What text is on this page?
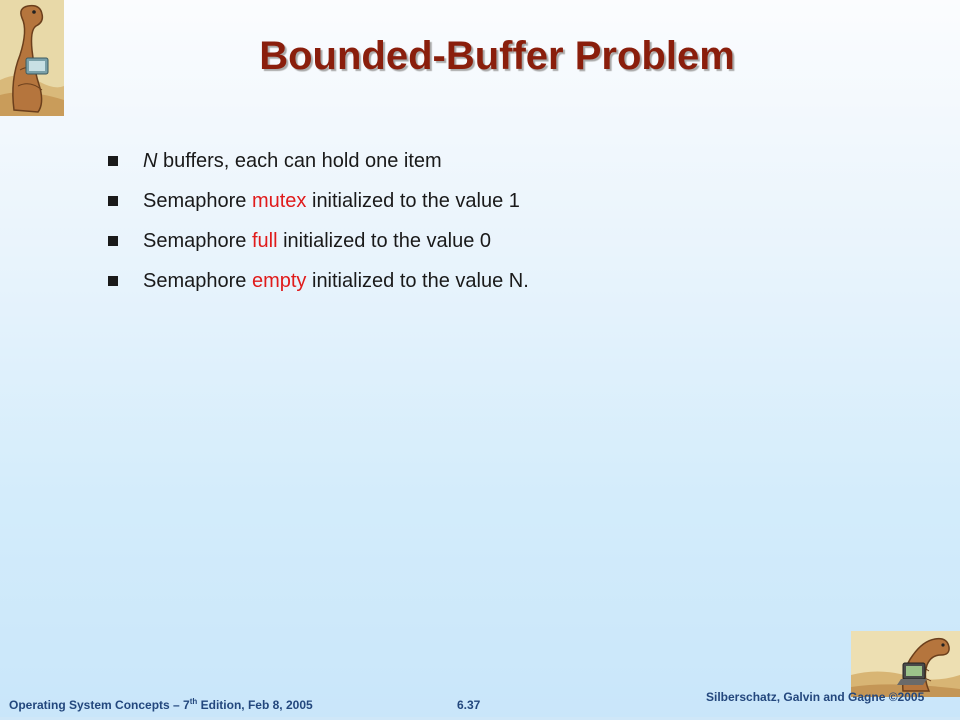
Bounded-Buffer Problem
N buffers, each can hold one item
Semaphore mutex initialized to the value 1
Semaphore full initialized to the value 0
Semaphore empty initialized to the value N.
Operating System Concepts – 7th Edition, Feb 8, 2005	6.37
Silberschatz, Galvin and Gagne ©2005
